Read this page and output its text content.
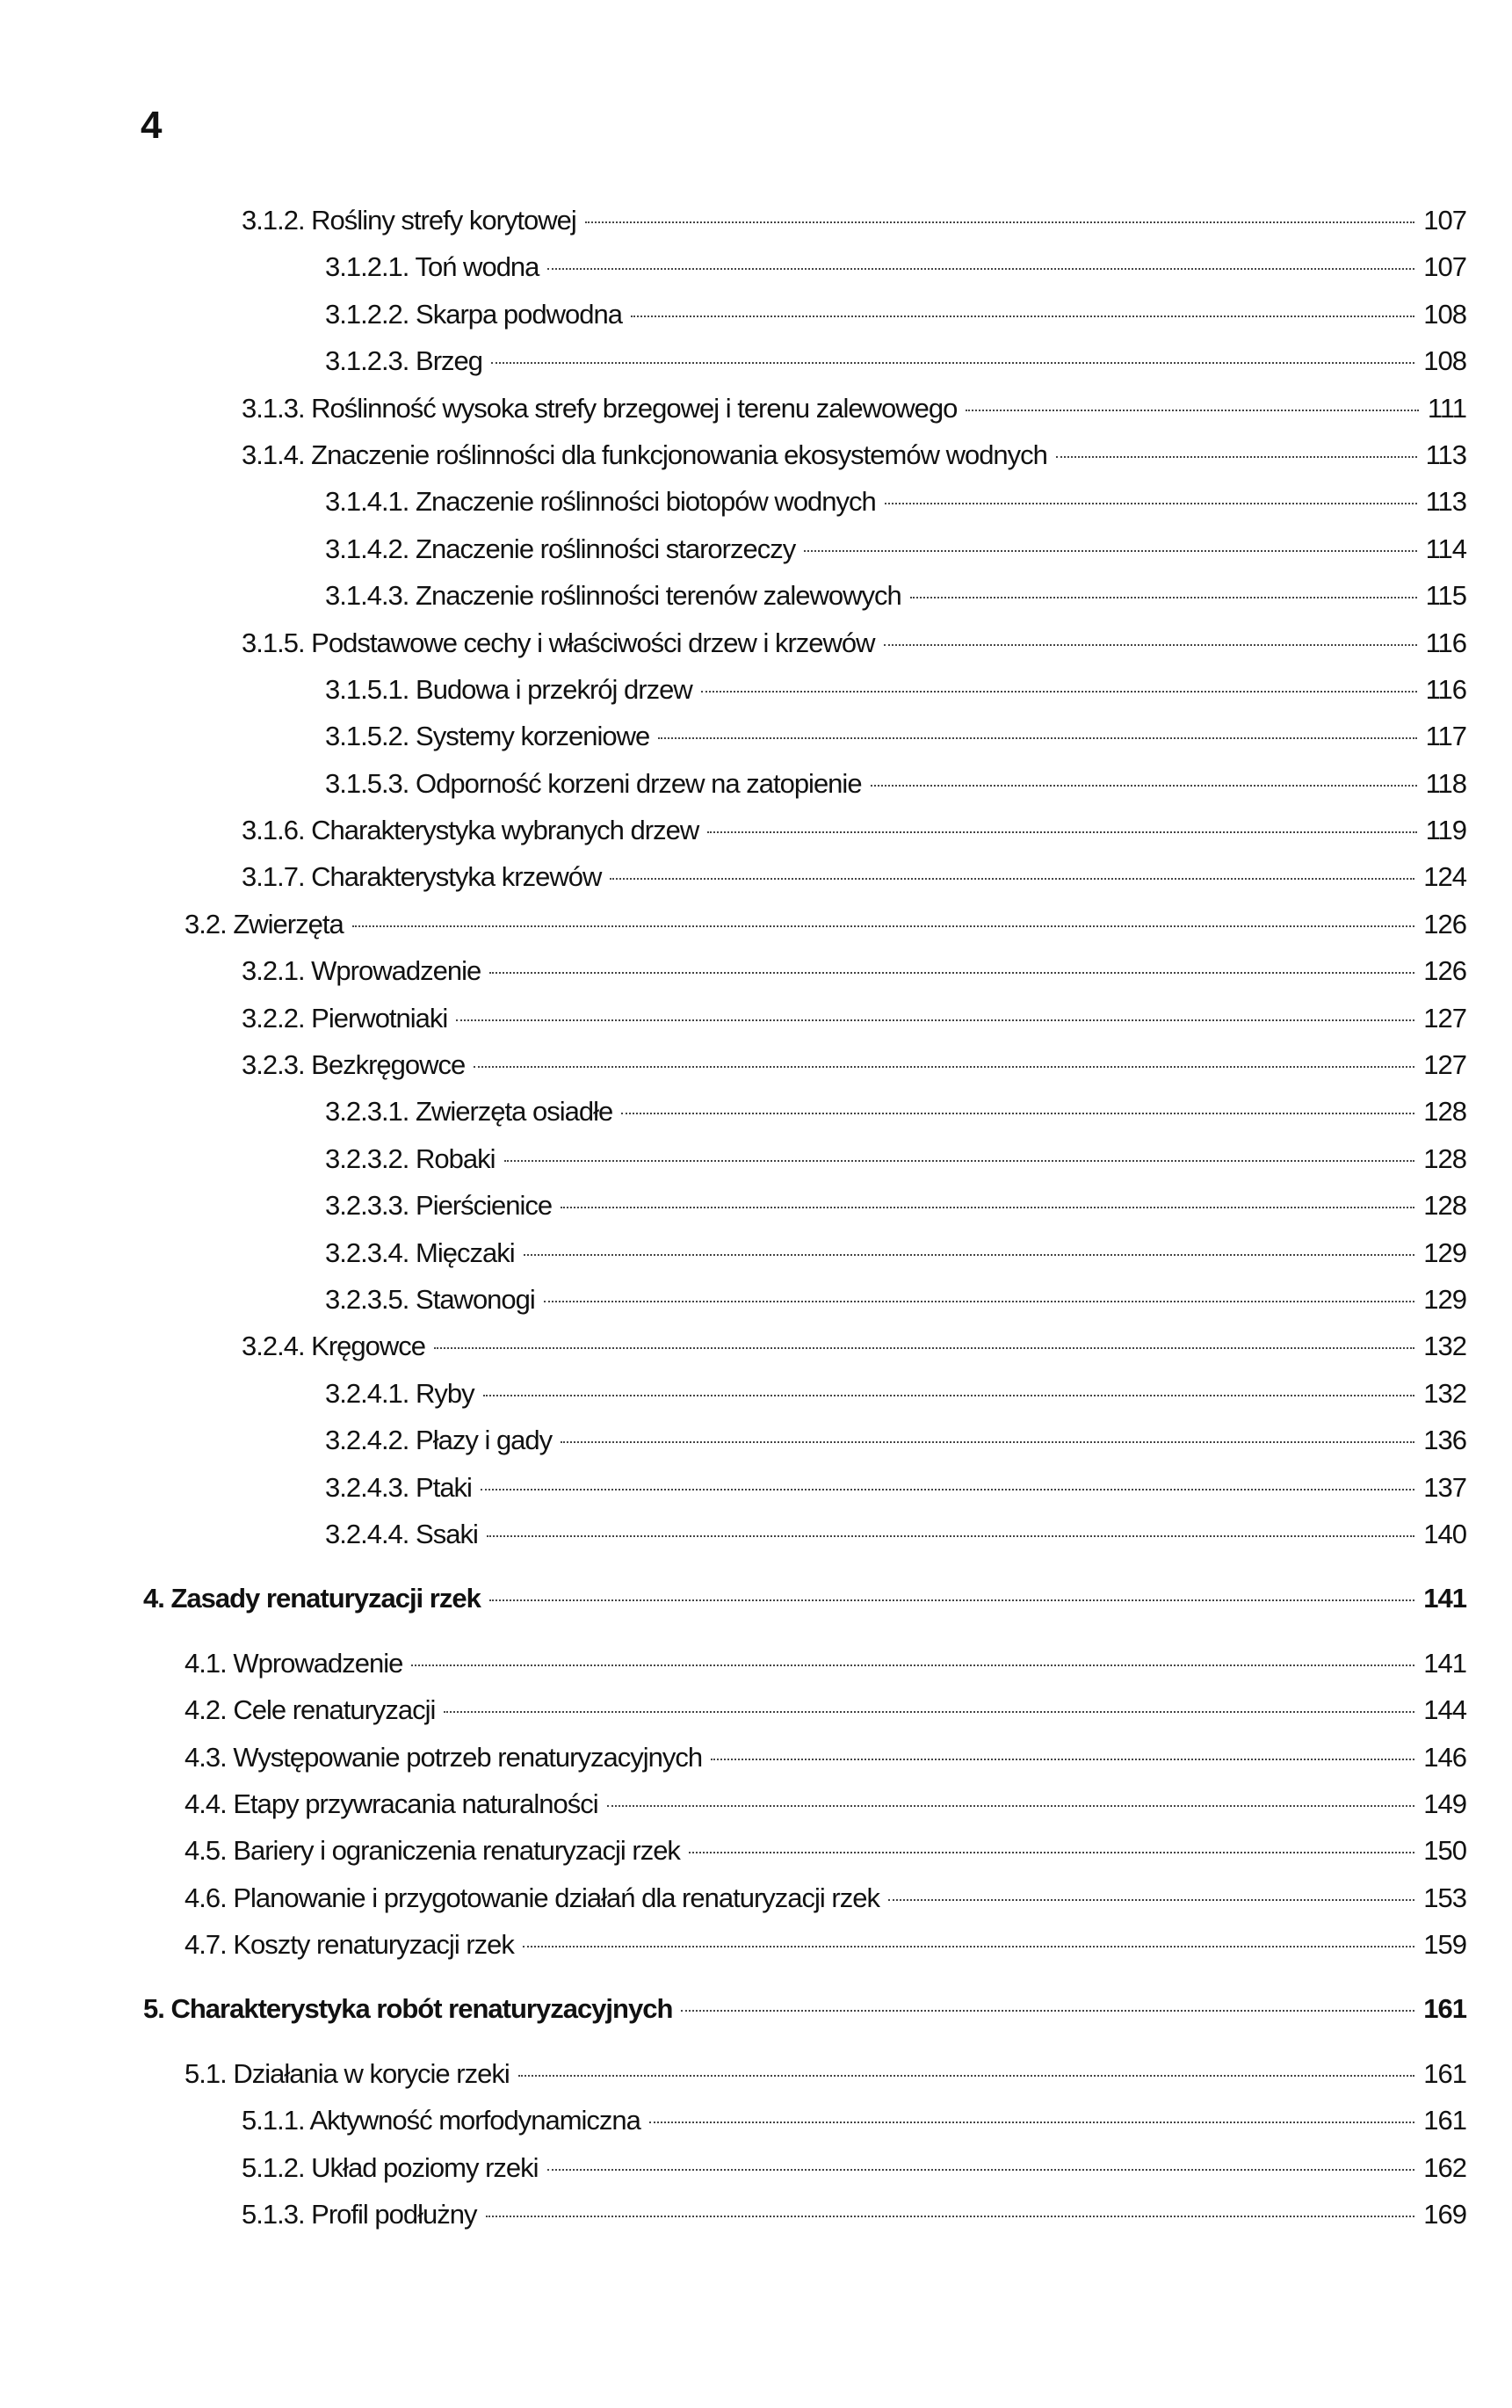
4
3.1.2. Rośliny strefy korytowej	107
3.1.2.1. Toń wodna	107
3.1.2.2. Skarpa podwodna	108
3.1.2.3. Brzeg	108
3.1.3. Roślinność wysoka strefy brzegowej i terenu zalewowego	111
3.1.4. Znaczenie roślinności dla funkcjonowania ekosystemów wodnych	113
3.1.4.1. Znaczenie roślinności biotopów wodnych	113
3.1.4.2. Znaczenie roślinności starorzeczy	114
3.1.4.3. Znaczenie roślinności terenów zalewowych	115
3.1.5. Podstawowe cechy i właściwości drzew i krzewów	116
3.1.5.1. Budowa i przekrój drzew	116
3.1.5.2. Systemy korzeniowe	117
3.1.5.3. Odporność korzeni drzew na zatopienie	118
3.1.6. Charakterystyka wybranych drzew	119
3.1.7. Charakterystyka krzewów	124
3.2. Zwierzęta	126
3.2.1. Wprowadzenie	126
3.2.2. Pierwotniaki	127
3.2.3. Bezkręgowce	127
3.2.3.1. Zwierzęta osiadłe	128
3.2.3.2. Robaki	128
3.2.3.3. Pierścienice	128
3.2.3.4. Mięczaki	129
3.2.3.5. Stawonogi	129
3.2.4. Kręgowce	132
3.2.4.1. Ryby	132
3.2.4.2. Płazy i gady	136
3.2.4.3. Ptaki	137
3.2.4.4. Ssaki	140
4. Zasady renaturyzacji rzek	141
4.1. Wprowadzenie	141
4.2. Cele renaturyzacji	144
4.3. Występowanie potrzeb renaturyzacyjnych	146
4.4. Etapy przywracania naturalności	149
4.5. Bariery i ograniczenia renaturyzacji rzek	150
4.6. Planowanie i przygotowanie działań dla renaturyzacji rzek	153
4.7. Koszty renaturyzacji rzek	159
5. Charakterystyka robót renaturyzacyjnych	161
5.1. Działania w korycie rzeki	161
5.1.1. Aktywność morfodynamiczna	161
5.1.2. Układ poziomy rzeki	162
5.1.3. Profil podłużny	169
